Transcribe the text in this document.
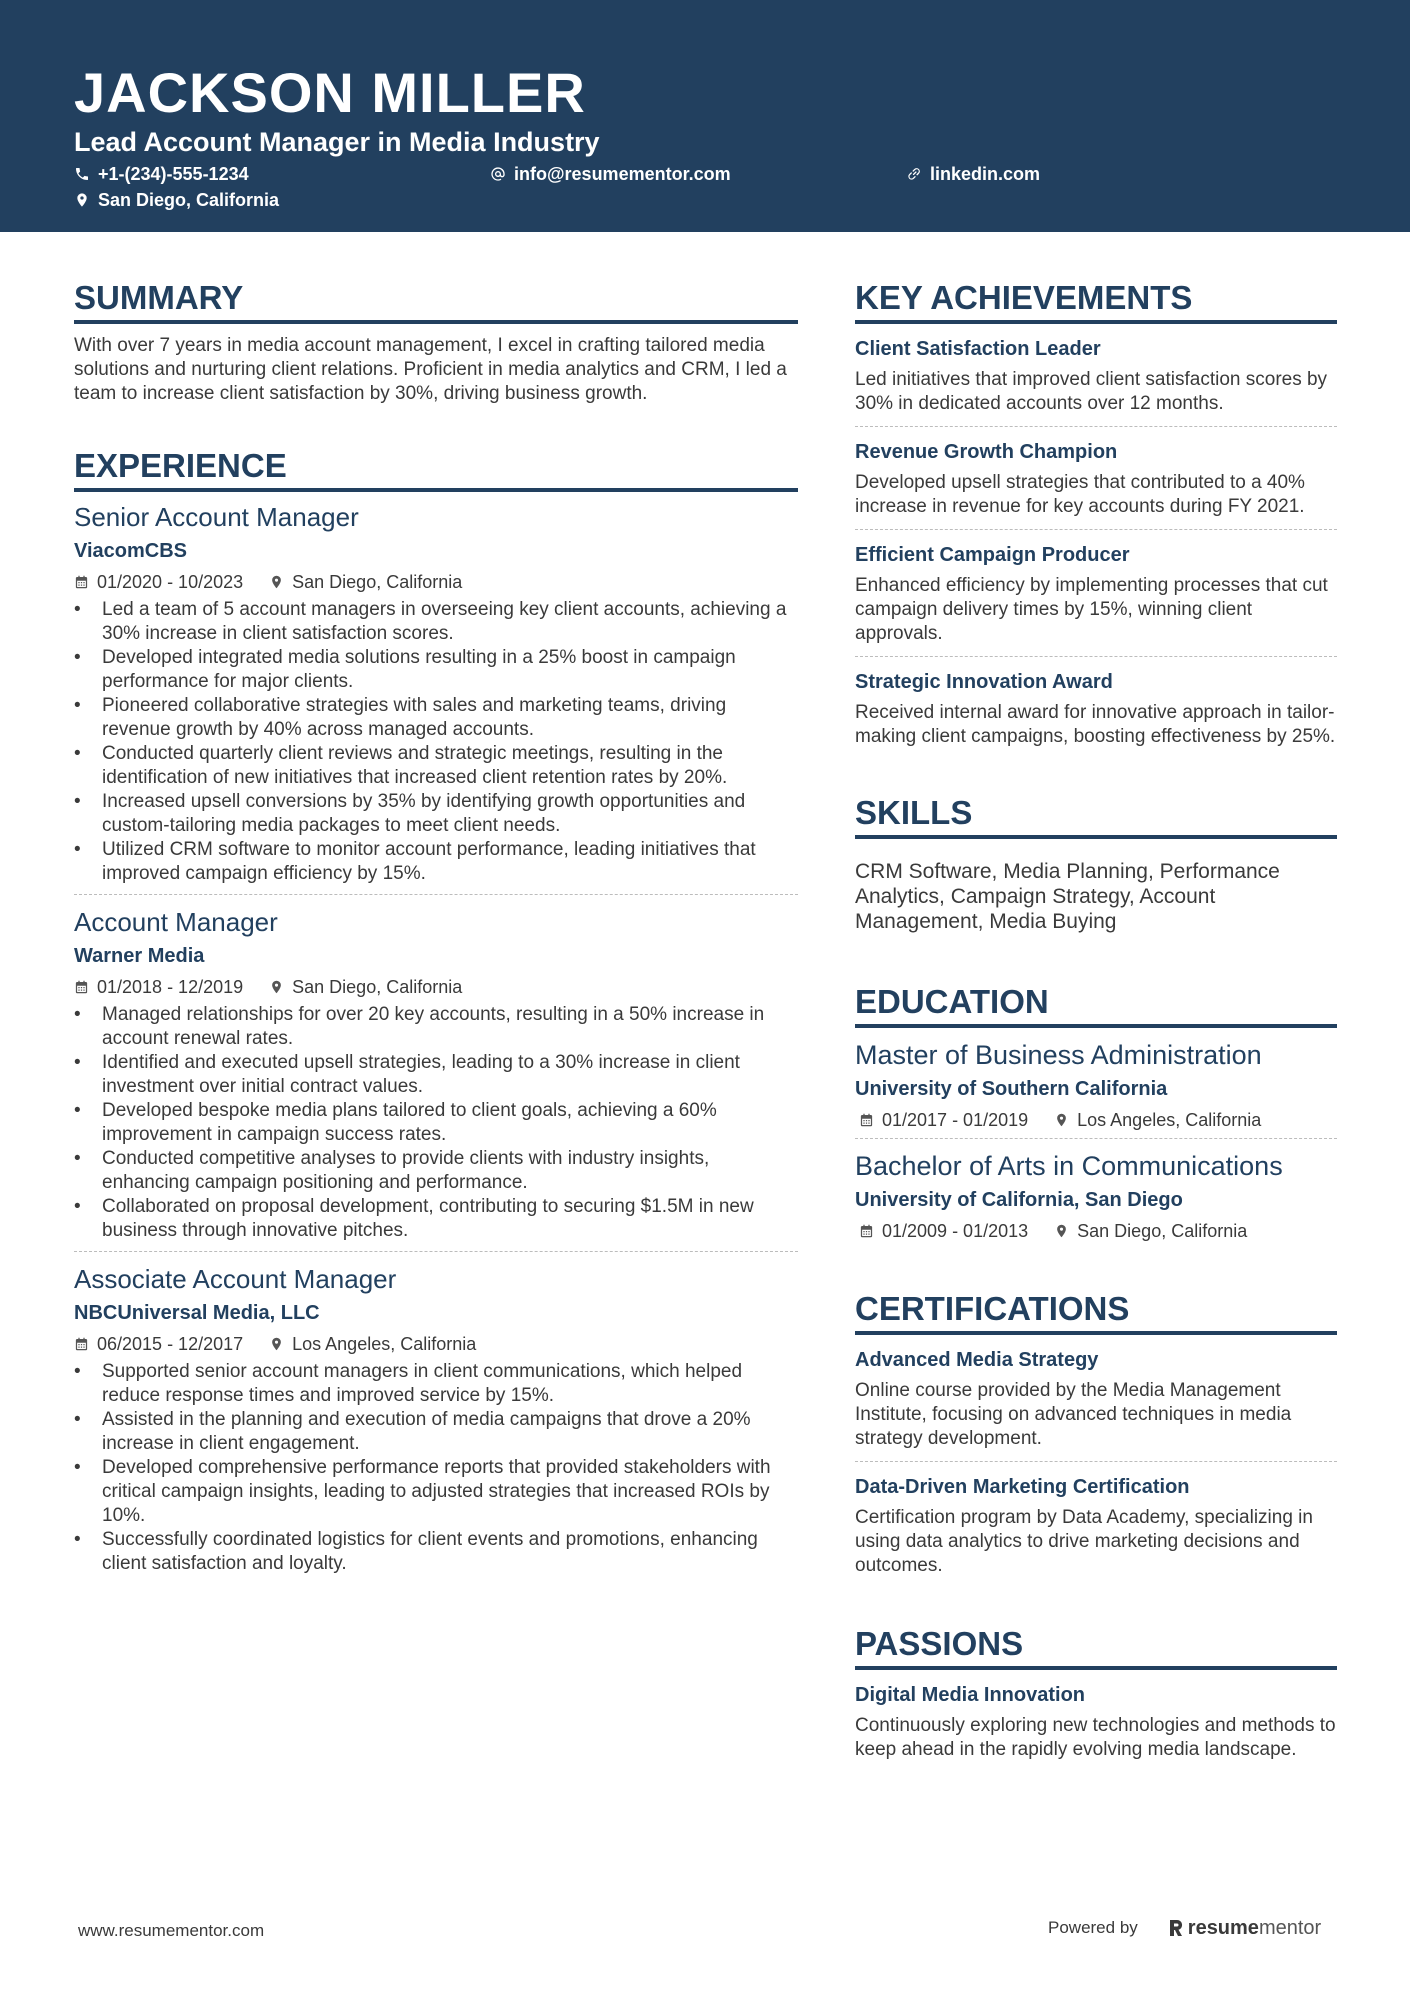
JACKSON MILLER
Lead Account Manager in Media Industry
+1-(234)-555-1234	info@resumementor.com	linkedin.com
San Diego, California
SUMMARY
With over 7 years in media account management, I excel in crafting tailored media solutions and nurturing client relations. Proficient in media analytics and CRM, I led a team to increase client satisfaction by 30%, driving business growth.
EXPERIENCE
Senior Account Manager
ViacomCBS
01/2020 - 10/2023	San Diego, California
• Led a team of 5 account managers in overseeing key client accounts, achieving a 30% increase in client satisfaction scores.
• Developed integrated media solutions resulting in a 25% boost in campaign performance for major clients.
• Pioneered collaborative strategies with sales and marketing teams, driving revenue growth by 40% across managed accounts.
• Conducted quarterly client reviews and strategic meetings, resulting in the identification of new initiatives that increased client retention rates by 20%.
• Increased upsell conversions by 35% by identifying growth opportunities and custom-tailoring media packages to meet client needs.
• Utilized CRM software to monitor account performance, leading initiatives that improved campaign efficiency by 15%.
Account Manager
Warner Media
01/2018 - 12/2019	San Diego, California
• Managed relationships for over 20 key accounts, resulting in a 50% increase in account renewal rates.
• Identified and executed upsell strategies, leading to a 30% increase in client investment over initial contract values.
• Developed bespoke media plans tailored to client goals, achieving a 60% improvement in campaign success rates.
• Conducted competitive analyses to provide clients with industry insights, enhancing campaign positioning and performance.
• Collaborated on proposal development, contributing to securing $1.5M in new business through innovative pitches.
Associate Account Manager
NBCUniversal Media, LLC
06/2015 - 12/2017	Los Angeles, California
• Supported senior account managers in client communications, which helped reduce response times and improved service by 15%.
• Assisted in the planning and execution of media campaigns that drove a 20% increase in client engagement.
• Developed comprehensive performance reports that provided stakeholders with critical campaign insights, leading to adjusted strategies that increased ROIs by 10%.
• Successfully coordinated logistics for client events and promotions, enhancing client satisfaction and loyalty.
KEY ACHIEVEMENTS
Client Satisfaction Leader
Led initiatives that improved client satisfaction scores by 30% in dedicated accounts over 12 months.
Revenue Growth Champion
Developed upsell strategies that contributed to a 40% increase in revenue for key accounts during FY 2021.
Efficient Campaign Producer
Enhanced efficiency by implementing processes that cut campaign delivery times by 15%, winning client approvals.
Strategic Innovation Award
Received internal award for innovative approach in tailor-making client campaigns, boosting effectiveness by 25%.
SKILLS
CRM Software, Media Planning, Performance Analytics, Campaign Strategy, Account Management, Media Buying
EDUCATION
Master of Business Administration
University of Southern California
01/2017 - 01/2019	Los Angeles, California
Bachelor of Arts in Communications
University of California, San Diego
01/2009 - 01/2013	San Diego, California
CERTIFICATIONS
Advanced Media Strategy
Online course provided by the Media Management Institute, focusing on advanced techniques in media strategy development.
Data-Driven Marketing Certification
Certification program by Data Academy, specializing in using data analytics to drive marketing decisions and outcomes.
PASSIONS
Digital Media Innovation
Continuously exploring new technologies and methods to keep ahead in the rapidly evolving media landscape.
www.resumementor.com	Powered by	resume mentor
